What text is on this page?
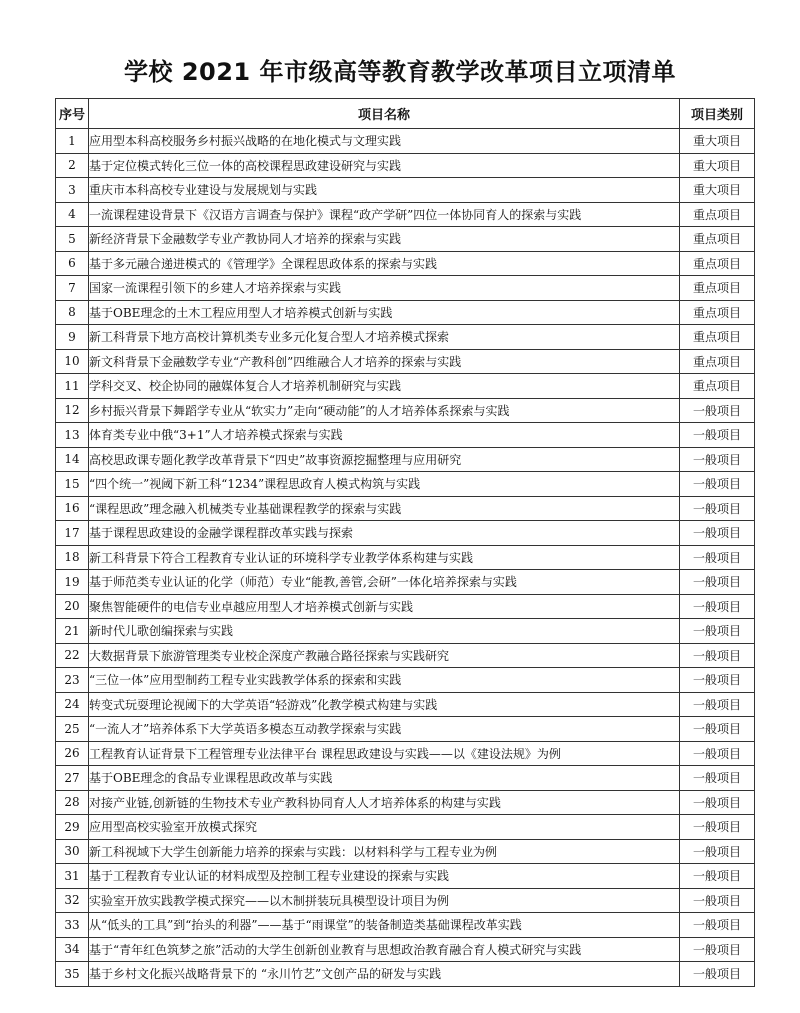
学校 2021 年市级高等教育教学改革项目立项清单
序号	项目名称	项目类别
1	应用型本科高校服务乡村振兴战略的在地化模式与文理实践	重大项目
2	基于定位模式转化三位一体的高校课程思政建设研究与实践	重大项目
3	重庆市本科高校专业建设与发展规划与实践	重大项目
4	一流课程建设背景下《汉语方言调查与保护》课程“政产学研”四位一体协同育人的探索与实践	重点项目
5	新经济背景下金融数学专业产教协同人才培养的探索与实践	重点项目
6	基于多元融合递进模式的《管理学》全课程思政体系的探索与实践	重点项目
7	国家一流课程引领下的乡建人才培养探索与实践	重点项目
8	基于OBE理念的土木工程应用型人才培养模式创新与实践	重点项目
9	新工科背景下地方高校计算机类专业多元化复合型人才培养模式探索	重点项目
10	新文科背景下金融数学专业“产教科创”四维融合人才培养的探索与实践	重点项目
11	学科交叉、校企协同的融媒体复合人才培养机制研究与实践	重点项目
12	乡村振兴背景下舞蹈学专业从“软实力”走向“硬动能”的人才培养体系探索与实践	一般项目
13	体育类专业中俄“3+1”人才培养模式探索与实践	一般项目
14	高校思政课专题化教学改革背景下“四史”故事资源挖掘整理与应用研究	一般项目
15	“四个统一”视阈下新工科“1234”课程思政育人模式构筑与实践	一般项目
16	“课程思政”理念融入机械类专业基础课程教学的探索与实践	一般项目
17	基于课程思政建设的金融学课程群改革实践与探索	一般项目
18	新工科背景下符合工程教育专业认证的环境科学专业教学体系构建与实践	一般项目
19	基于师范类专业认证的化学（师范）专业“能教,善管,会研”一体化培养探索与实践	一般项目
20	聚焦智能硬件的电信专业卓越应用型人才培养模式创新与实践	一般项目
21	新时代儿歌创编探索与实践	一般项目
22	大数据背景下旅游管理类专业校企深度产教融合路径探索与实践研究	一般项目
23	“三位一体”应用型制药工程专业实践教学体系的探索和实践	一般项目
24	转变式玩耍理论视阈下的大学英语“轻游戏”化教学模式构建与实践	一般项目
25	“一流人才”培养体系下大学英语多模态互动教学探索与实践	一般项目
26	工程教育认证背景下工程管理专业法律平台 课程思政建设与实践——以《建设法规》为例	一般项目
27	基于OBE理念的食品专业课程思政改革与实践	一般项目
28	对接产业链,创新链的生物技术专业产教科协同育人人才培养体系的构建与实践	一般项目
29	应用型高校实验室开放模式探究	一般项目
30	新工科视域下大学生创新能力培养的探索与实践：以材料科学与工程专业为例	一般项目
31	基于工程教育专业认证的材料成型及控制工程专业建设的探索与实践	一般项目
32	实验室开放实践教学模式探究——以木制拼装玩具模型设计项目为例	一般项目
33	从“低头的工具”到“抬头的利器”——基于“雨课堂”的装备制造类基础课程改革实践	一般项目
34	基于“青年红色筑梦之旅”活动的大学生创新创业教育与思想政治教育融合育人模式研究与实践	一般项目
35	基于乡村文化振兴战略背景下的 “永川竹艺”文创产品的研发与实践	一般项目
